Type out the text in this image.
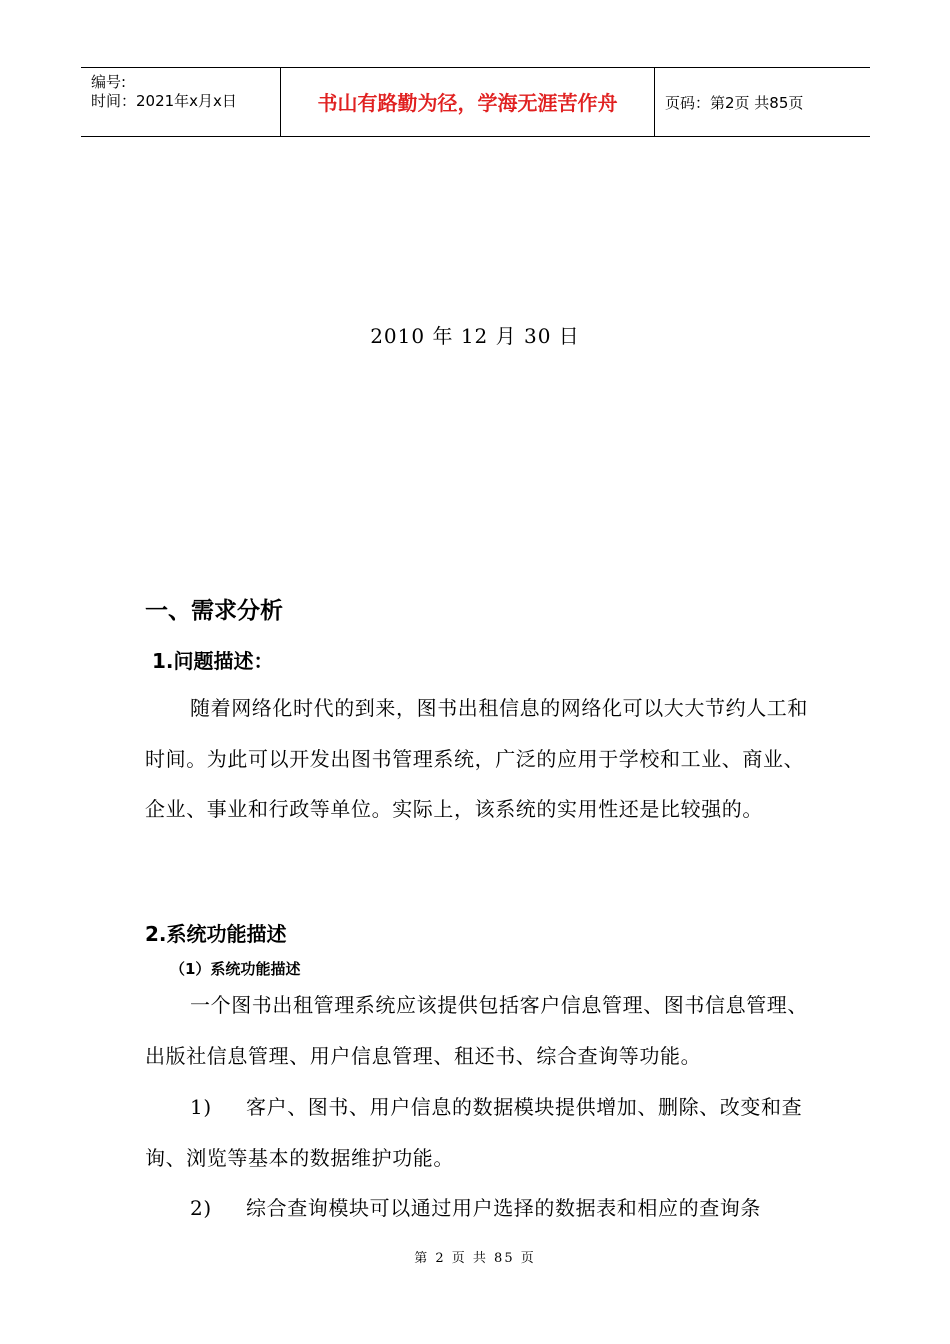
编号:
时间：2021年x月x日	书山有路勤为径，学海无涯苦作舟	页码：第2页 共85页
2010 年 12 月 30 日
一、需求分析
1.问题描述：
随着网络化时代的到来，图书出租信息的网络化可以大大节约人工和时间。为此可以开发出图书管理系统，广泛的应用于学校和工业、商业、企业、事业和行政等单位。实际上，该系统的实用性还是比较强的。
2.系统功能描述
（1）系统功能描述
一个图书出租管理系统应该提供包括客户信息管理、图书信息管理、出版社信息管理、用户信息管理、租还书、综合查询等功能。
1) 客户、图书、用户信息的数据模块提供增加、删除、改变和查询、浏览等基本的数据维护功能。
2) 综合查询模块可以通过用户选择的数据表和相应的查询条
第 2 页 共 85 页
